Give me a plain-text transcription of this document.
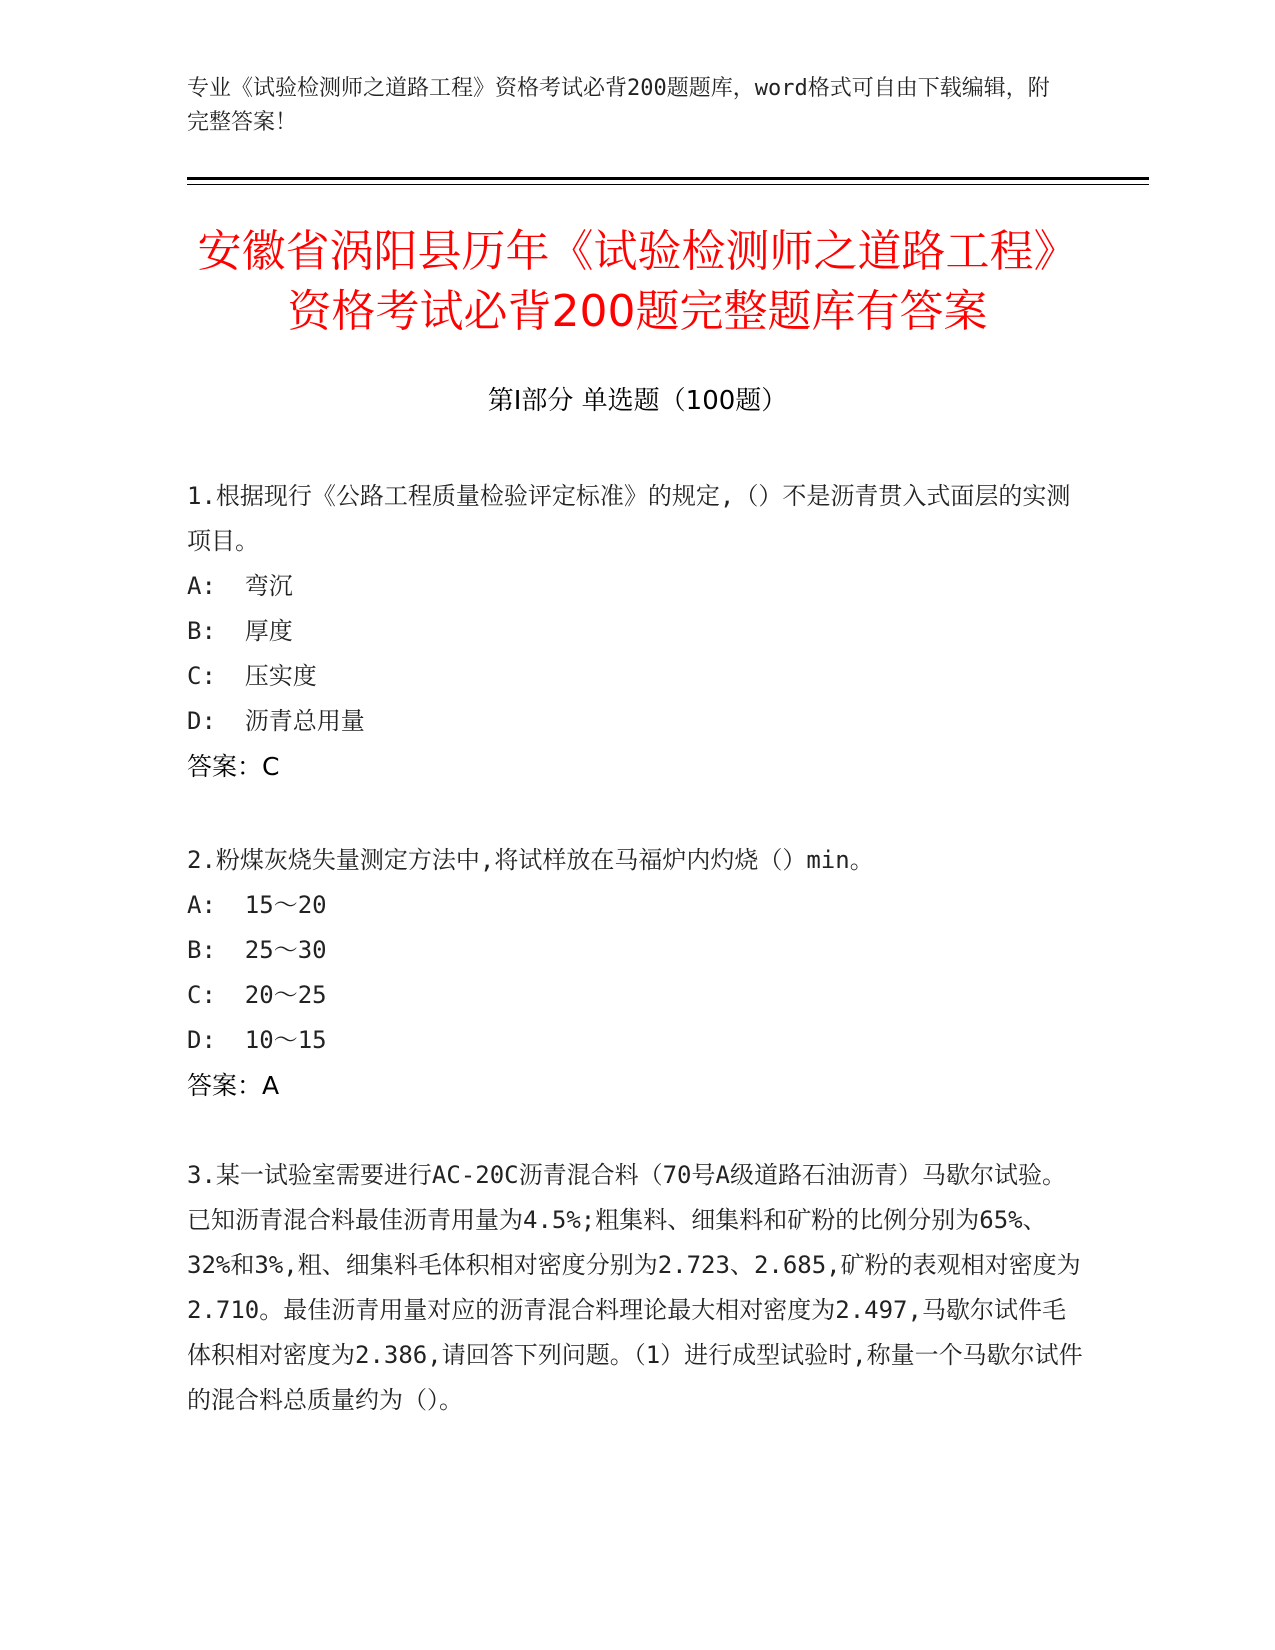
专业《试验检测师之道路工程》资格考试必背200题题库，word格式可自由下载编辑，附完整答案！
安徽省涡阳县历年《试验检测师之道路工程》资格考试必背200题完整题库有答案
第I部分 单选题（100题）

1.根据现行《公路工程质量检验评定标准》的规定,（）不是沥青贯入式面层的实测项目。

A:  弯沉

B:  厚度

C:  压实度

D:  沥青总用量

答案：C

2.粉煤灰烧失量测定方法中,将试样放在马福炉内灼烧（）min。

A:  15～20

B:  25～30

C:  20～25

D:  10～15

答案：A

3.某一试验室需要进行AC-20C沥青混合料（70号A级道路石油沥青）马歇尔试验。已知沥青混合料最佳沥青用量为4.5%;粗集料、细集料和矿粉的比例分别为65%、32%和3%,粗、细集料毛体积相对密度分别为2.723、2.685,矿粉的表观相对密度为2.710。最佳沥青用量对应的沥青混合料理论最大相对密度为2.497,马歇尔试件毛体积相对密度为2.386,请回答下列问题。（1）进行成型试验时,称量一个马歇尔试件的混合料总质量约为（）。
